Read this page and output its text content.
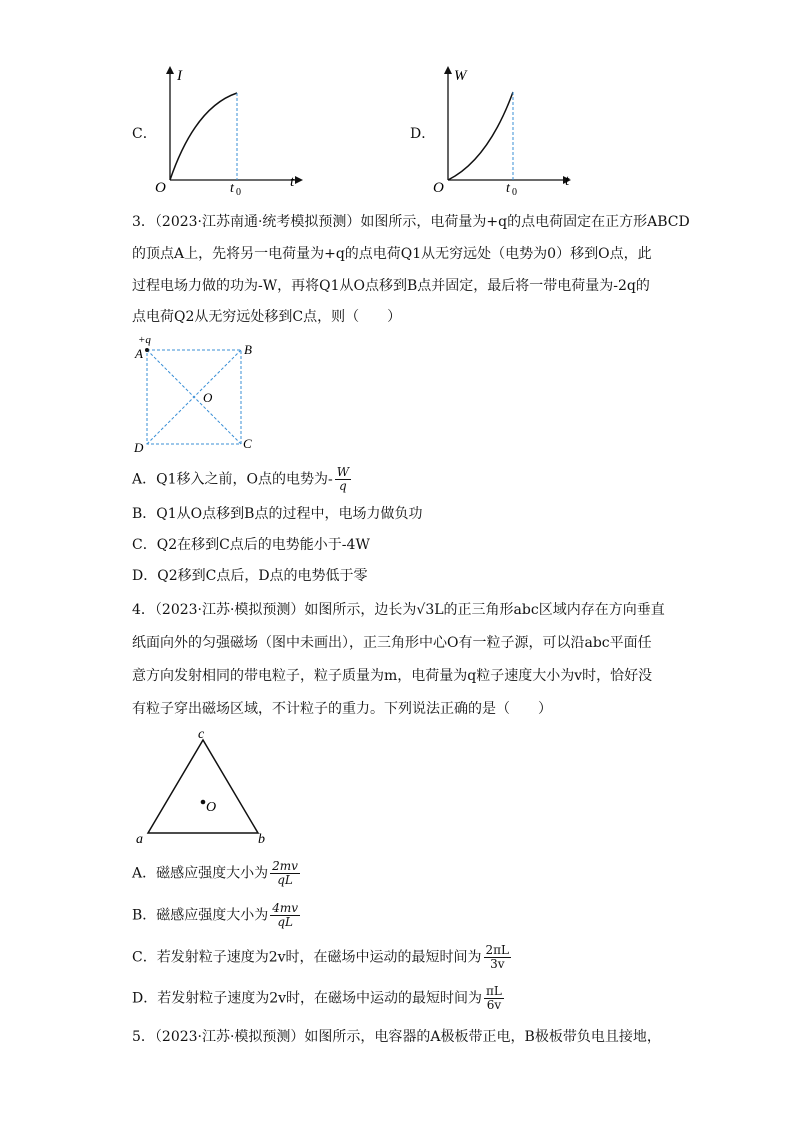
C．
I
t
O	t 0
D．
W
t
O	t 0
3．（2023·江苏南通·统考模拟预测）如图所示，电荷量为+q的点电荷固定在正方形ABCD
的顶点A上，先将另一电荷量为+q的点电荷Q1从无穷远处（电势为0）移到O点，此
过程电场力做的功为-W，再将Q1从O点移到B点并固定，最后将一带电荷量为-2q的
点电荷Q2从无穷远处移到C点，则（　　）
+q
A	B
C
D
O
A．Q1移入之前，O点的电势为- $\frac{W}{q}$
B．Q1从O点移到B点的过程中，电场力做负功
C．Q2在移到C点后的电势能小于-4W
D．Q2移到C点后，D点的电势低于零
4．（2023·江苏·模拟预测）如图所示，边长为√3L的正三角形abc区域内存在方向垂直
纸面向外的匀强磁场（图中未画出），正三角形中心O有一粒子源，可以沿abc平面任
意方向发射相同的带电粒子，粒子质量为m，电荷量为q粒子速度大小为v时，恰好没
有粒子穿出磁场区域，不计粒子的重力。下列说法正确的是（　　）
O
c
a	b
A．磁感应强度大小为 $\frac{2mv}{qL}$
B．磁感应强度大小为 $\frac{4mv}{qL}$
C．若发射粒子速度为2v时，在磁场中运动的最短时间为 $\frac{2\pi L}{3v}$
D．若发射粒子速度为2v时，在磁场中运动的最短时间为 $\frac{\pi L}{6v}$
5．（2023·江苏·模拟预测）如图所示，电容器的A极板带正电，B极板带负电且接地，
